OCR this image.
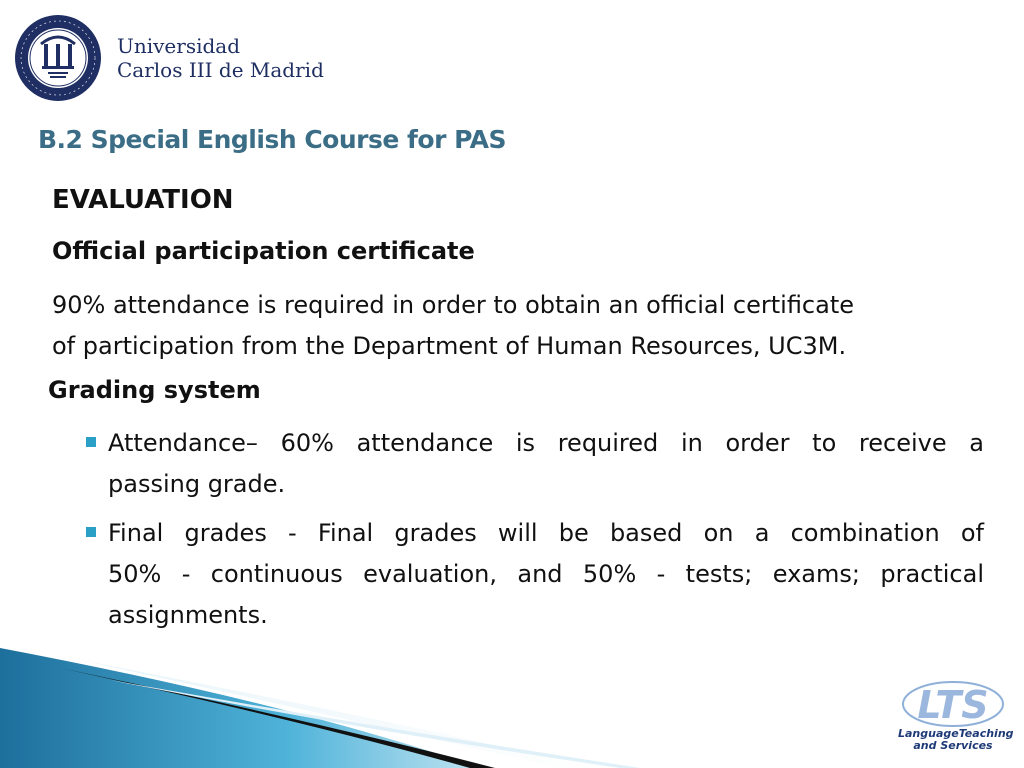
Universidad
Carlos III de Madrid
B.2 Special English Course for PAS
EVALUATION
Official participation certificate
90% attendance is required in order to obtain an official certificate
of participation from the Department of Human Resources, UC3M.
Grading system
Attendance– 60% attendance is required in order to receive a
passing grade.
Final grades - Final grades will be based on a combination of
50% - continuous evaluation, and 50% - tests; exams; practical
assignments.
LTS
LanguageTeaching
and Services
